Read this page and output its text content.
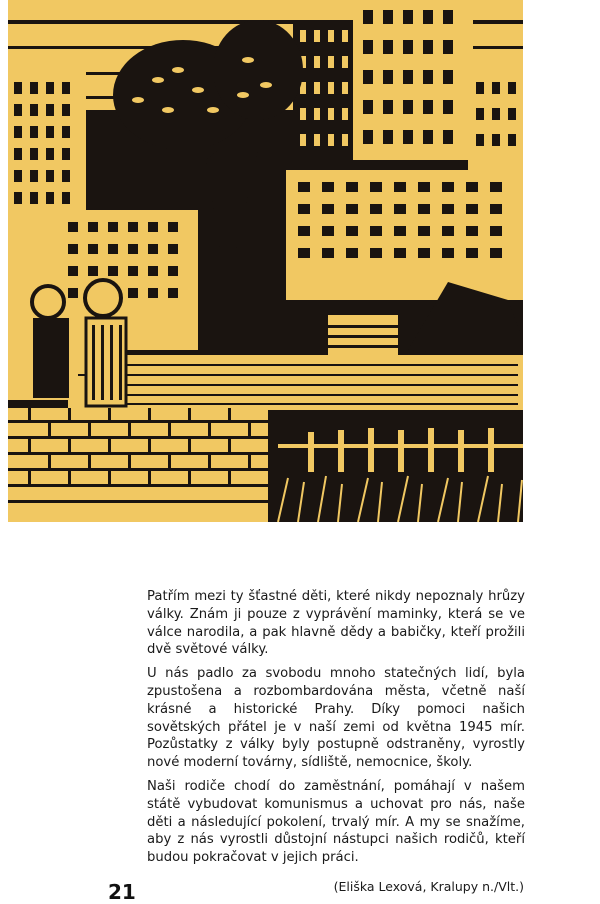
Patřím mezi ty šťastné děti, které nikdy nepoznaly hrůzy války. Znám ji pouze z vyprávění maminky, která se ve válce narodila, a pak hlavně dědy a babičky, kteří prožili dvě světové války.

U nás padlo za svobodu mnoho statečných lidí, byla zpustošena a rozbombardována města, včetně naší krásné a historické Prahy. Díky pomoci našich sovětských přátel je v naší zemi od května 1945 mír. Pozůstatky z války byly postupně odstraněny, vyrostly nové moderní továrny, sídliště, nemocnice, školy.

Naši rodiče chodí do zaměstnání, pomáhají v našem státě vybudovat komunismus a uchovat pro nás, naše děti a následující pokolení, trvalý mír. A my se snažíme, aby z nás vyrostli důstojní nástupci našich rodičů, kteří budou pokračovat v jejich práci.

21	(Eliška Lexová, Kralupy n./Vlt.)
